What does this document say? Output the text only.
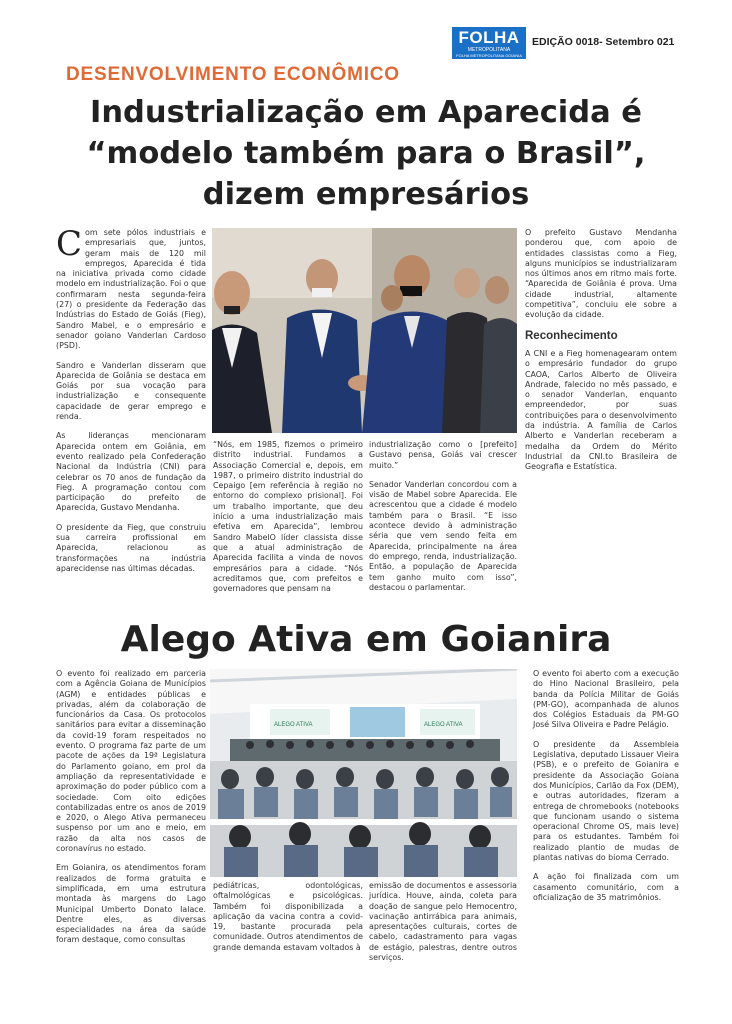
FOLHA
METROPOLITANA
FOLHA METROPOLITANA GOIANIA
EDIÇÃO 0018- Setembro 021
DESENVOLVIMENTO ECONÔMICO
Industrialização em Aparecida é “modelo também para o Brasil”, dizem empresários

Com sete pólos industriais e empresariais que, juntos, geram mais de 120 mil empregos, Aparecida é tida na iniciativa privada como cidade modelo em industrialização. Foi o que confirmaram nesta segunda-feira (27) o presidente da Federação das Indústrias do Estado de Goiás (Fieg), Sandro Mabel, e o empresário e senador goiano Vanderlan Cardoso (PSD).

Sandro e Vanderlan disseram que Aparecida de Goiânia se destaca em Goiás por sua vocação para industrialização e consequente capacidade de gerar emprego e renda.

As lideranças mencionaram Aparecida ontem em Goiânia, em evento realizado pela Confederação Nacional da Indústria (CNI) para celebrar os 70 anos de fundação da Fieg. A programação contou com participação do prefeito de Aparecida, Gustavo Mendanha.

O presidente da Fieg, que construiu sua carreira profissional em Aparecida, relacionou as transformações na indústria aparecidense nas últimas décadas.

“Nós, em 1985, fizemos o primeiro distrito industrial. Fundamos a Associação Comercial e, depois, em 1987, o primeiro distrito industrial do Cepaigo [em referência à região no entorno do complexo prisional]. Foi um trabalho importante, que deu início a uma industrialização mais efetiva em Aparecida”, lembrou Sandro MabelO líder classista disse que a atual administração de Aparecida facilita a vinda de novos empresários para a cidade. “Nós acreditamos que, com prefeitos e governadores que pensam na

industrialização como o [prefeito] Gustavo pensa, Goiás vai crescer muito.”

Senador Vanderlan concordou com a visão de Mabel sobre Aparecida. Ele acrescentou que a cidade é modelo também para o Brasil. “E isso acontece devido à administração séria que vem sendo feita em Aparecida, principalmente na área do emprego, renda, industrialização. Então, a população de Aparecida tem ganho muito com isso”, destacou o parlamentar.

O prefeito Gustavo Mendanha ponderou que, com apoio de entidades classistas como a Fieg, alguns municípios se industrializaram nos últimos anos em ritmo mais forte. “Aparecida de Goiânia é prova. Uma cidade industrial, altamente competitiva”, concluiu ele sobre a evolução da cidade.

Reconhecimento

A CNI e a Fieg homenagearam ontem o empresário fundador do grupo CAOA, Carlos Alberto de Oliveira Andrade, falecido no mês passado, e o senador Vanderlan, enquanto empreendedor, por suas contribuições para o desenvolvimento da indústria. A família de Carlos Alberto e Vanderlan receberam a medalha da Ordem do Mérito Industrial da CNI.to Brasileira de Geografia e Estatística.

Alego Ativa em Goianira

O evento foi realizado em parceria com a Agência Goiana de Municípios (AGM) e entidades públicas e privadas, além da colaboração de funcionários da Casa. Os protocolos sanitários para evitar a disseminação da covid-19 foram respeitados no evento. O programa faz parte de um pacote de ações da 19ª Legislatura do Parlamento goiano, em prol da ampliação da representatividade e aproximação do poder público com a sociedade. Com oito edições contabilizadas entre os anos de 2019 e 2020, o Alego Ativa permaneceu suspenso por um ano e meio, em razão da alta nos casos de coronavírus no estado.

Em Goianira, os atendimentos foram realizados de forma gratuita e simplificada, em uma estrutura montada às margens do Lago Municipal Umberto Donato Ialace. Dentre eles, as diversas especialidades na área da saúde foram destaque, como consultas

ALEGO ATIVA	ALEGO ATIVA

pediátricas, odontológicas, oftalmológicas e psicológicas. Também foi disponibilizada a aplicação da vacina contra a covid-19, bastante procurada pela comunidade. Outros atendimentos de grande demanda estavam voltados à

emissão de documentos e assessoria jurídica. Houve, ainda, coleta para doação de sangue pelo Hemocentro, vacinação antirrábica para animais, apresentações culturais, cortes de cabelo, cadastramento para vagas de estágio, palestras, dentre outros serviços.

O evento foi aberto com a execução do Hino Nacional Brasileiro, pela banda da Polícia Militar de Goiás (PM-GO), acompanhada de alunos dos Colégios Estaduais da PM-GO José Silva Oliveira e Padre Pelágio.

O presidente da Assembleia Legislativa, deputado Lissauer Vieira (PSB), e o prefeito de Goianira e presidente da Associação Goiana dos Municípios, Carlão da Fox (DEM), e outras autoridades, fizeram a entrega de chromebooks (notebooks que funcionam usando o sistema operacional Chrome OS, mais leve) para os estudantes. Também foi realizado plantio de mudas de plantas nativas do bioma Cerrado.

A ação foi finalizada com um casamento comunitário, com a oficialização de 35 matrimônios.
